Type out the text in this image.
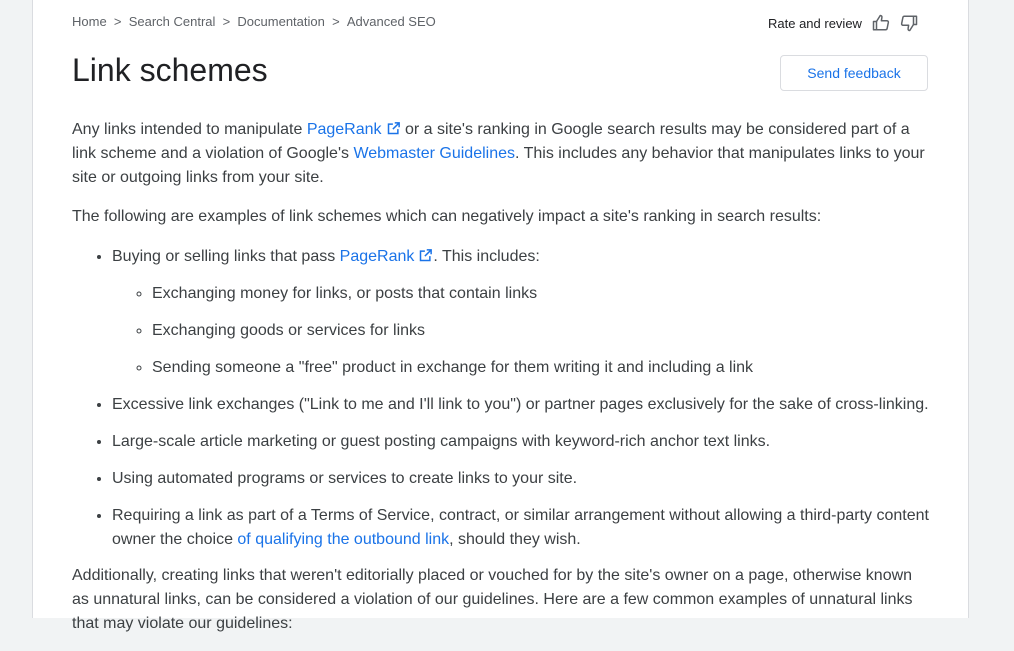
Home > Search Central > Documentation > Advanced SEO	Rate and review
Link schemes	Send feedback

Any links intended to manipulate PageRank or a site's ranking in Google search results may be considered part of a link scheme and a violation of Google's Webmaster Guidelines. This includes any behavior that manipulates links to your site or outgoing links from your site.

The following are examples of link schemes which can negatively impact a site's ranking in search results:

• Buying or selling links that pass PageRank . This includes:
◦ Exchanging money for links, or posts that contain links
◦ Exchanging goods or services for links
◦ Sending someone a "free" product in exchange for them writing it and including a link
• Excessive link exchanges ("Link to me and I'll link to you") or partner pages exclusively for the sake of cross-linking.
• Large-scale article marketing or guest posting campaigns with keyword-rich anchor text links.
• Using automated programs or services to create links to your site.
• Requiring a link as part of a Terms of Service, contract, or similar arrangement without allowing a third-party content owner the choice of qualifying the outbound link, should they wish.

Additionally, creating links that weren't editorially placed or vouched for by the site's owner on a page, otherwise known as unnatural links, can be considered a violation of our guidelines. Here are a few common examples of unnatural links that may violate our guidelines:
